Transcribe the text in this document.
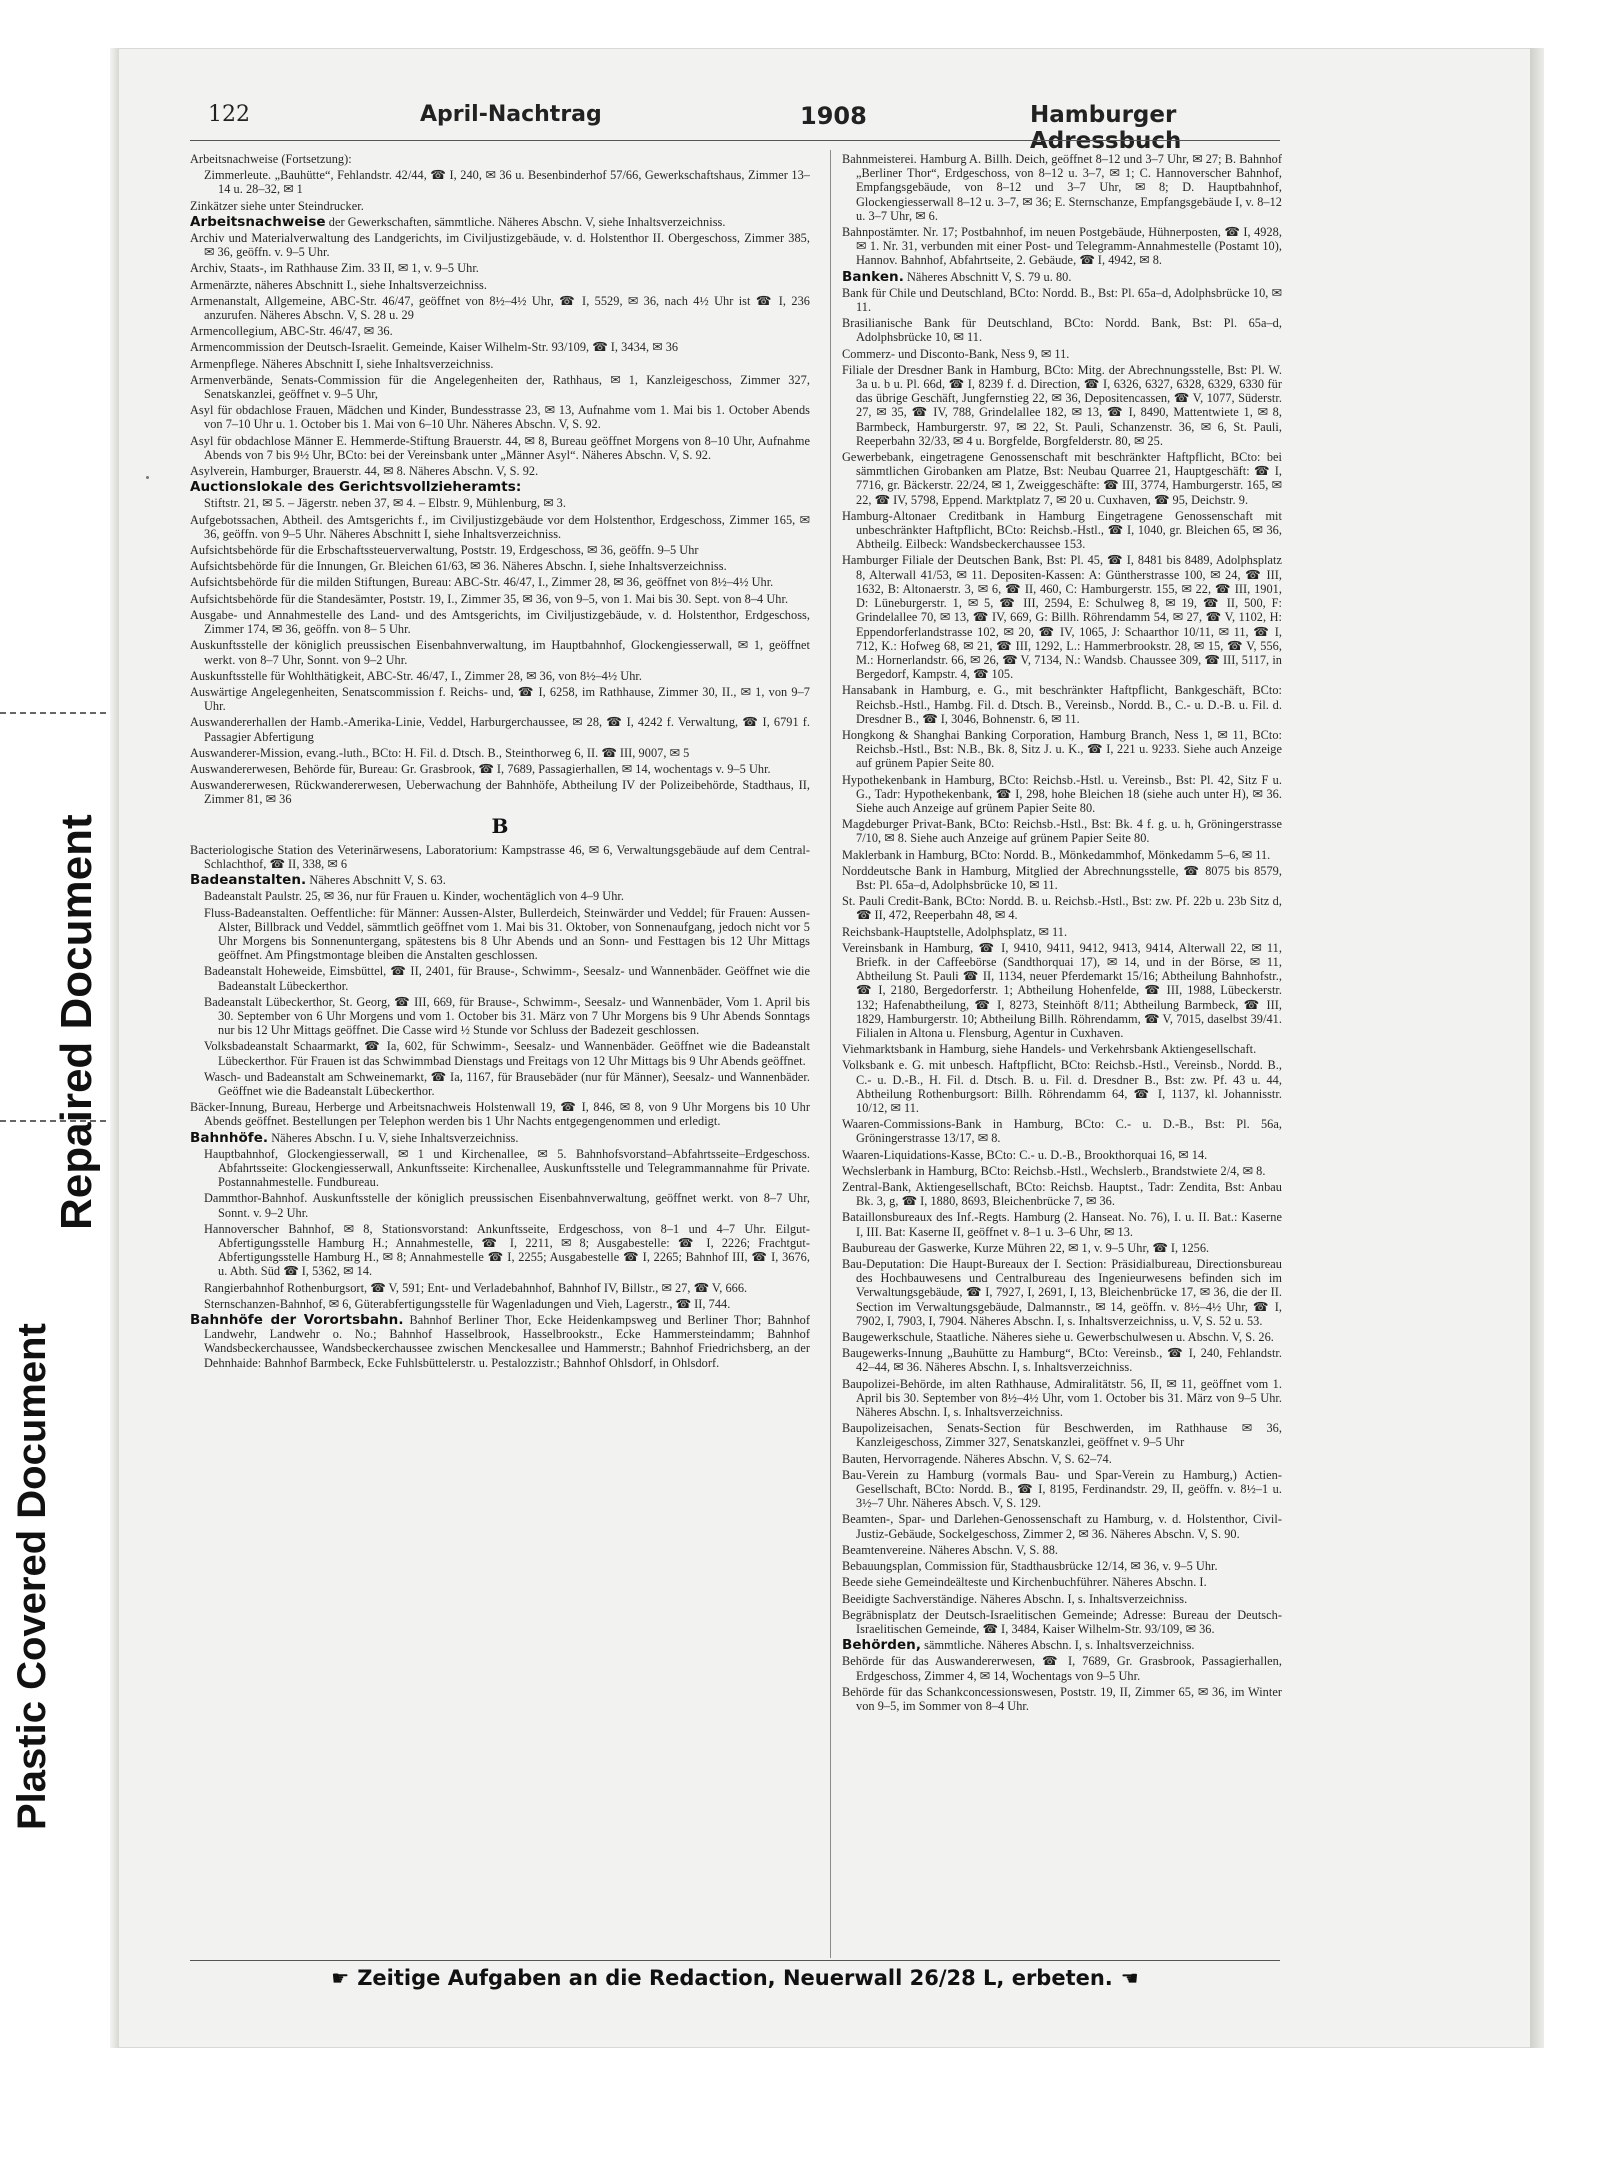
Plastic Covered Document
Repaired Document
122	April-Nachtrag	1908	Hamburger Adressbuch

Arbeitsnachweise (Fortsetzung):

Zimmerleute. „Bauhütte“, Fehlandstr. 42/44, ☎ I, 240, ✉ 36 u. Besenbinderhof 57/66, Gewerkschaftshaus, Zimmer 13–14 u. 28–32, ✉ 1

Zinkätzer siehe unter Steindrucker.

Arbeitsnachweise der Gewerkschaften, sämmtliche. Näheres Abschn. V, siehe Inhaltsverzeichniss.

Archiv und Materialverwaltung des Landgerichts, im Civiljustizgebäude, v. d. Holstenthor II. Obergeschoss, Zimmer 385, ✉ 36, geöffn. v. 9–5 Uhr.

Archiv, Staats-, im Rathhause Zim. 33 II, ✉ 1, v. 9–5 Uhr.

Armenärzte, näheres Abschnitt I., siehe Inhaltsverzeichniss.

Armenanstalt, Allgemeine, ABC-Str. 46/47, geöffnet von 8½–4½ Uhr, ☎ I, 5529, ✉ 36, nach 4½ Uhr ist ☎ I, 236 anzurufen. Näheres Abschn. V, S. 28 u. 29

Armencollegium, ABC-Str. 46/47, ✉ 36.

Armencommission der Deutsch-Israelit. Gemeinde, Kaiser Wilhelm-Str. 93/109, ☎ I, 3434, ✉ 36

Armenpflege. Näheres Abschnitt I, siehe Inhaltsverzeichniss.

Armenverbände, Senats-Commission für die Angelegenheiten der, Rathhaus, ✉ 1, Kanzleigeschoss, Zimmer 327, Senatskanzlei, geöffnet v. 9–5 Uhr,

Asyl für obdachlose Frauen, Mädchen und Kinder, Bundesstrasse 23, ✉ 13, Aufnahme vom 1. Mai bis 1. October Abends von 7–10 Uhr u. 1. October bis 1. Mai von 6–10 Uhr. Näheres Abschn. V, S. 92.

Asyl für obdachlose Männer E. Hemmerde-Stiftung Brauerstr. 44, ✉ 8, Bureau geöffnet Morgens von 8–10 Uhr, Aufnahme Abends von 7 bis 9½ Uhr, BCto: bei der Vereinsbank unter „Männer Asyl“. Näheres Abschn. V, S. 92.

Asylverein, Hamburger, Brauerstr. 44, ✉ 8. Näheres Abschn. V, S. 92.

Auctionslokale des Gerichtsvollzieheramts:

Stiftstr. 21, ✉ 5. – Jägerstr. neben 37, ✉ 4. – Elbstr. 9, Mühlenburg, ✉ 3.

Aufgebotssachen, Abtheil. des Amtsgerichts f., im Civiljustizgebäude vor dem Holstenthor, Erdgeschoss, Zimmer 165, ✉ 36, geöffn. von 9–5 Uhr. Näheres Abschnitt I, siehe Inhaltsverzeichniss.

Aufsichtsbehörde für die Erbschaftssteuerverwaltung, Poststr. 19, Erdgeschoss, ✉ 36, geöffn. 9–5 Uhr

Aufsichtsbehörde für die Innungen, Gr. Bleichen 61/63, ✉ 36. Näheres Abschn. I, siehe Inhaltsverzeichniss.

Aufsichtsbehörde für die milden Stiftungen, Bureau: ABC-Str. 46/47, I., Zimmer 28, ✉ 36, geöffnet von 8½–4½ Uhr.

Aufsichtsbehörde für die Standesämter, Poststr. 19, I., Zimmer 35, ✉ 36, von 9–5, von 1. Mai bis 30. Sept. von 8–4 Uhr.

Ausgabe- und Annahmestelle des Land- und des Amtsgerichts, im Civiljustizgebäude, v. d. Holstenthor, Erdgeschoss, Zimmer 174, ✉ 36, geöffn. von 8– 5 Uhr.

Auskunftsstelle der königlich preussischen Eisenbahnverwaltung, im Hauptbahnhof, Glockengiesserwall, ✉ 1, geöffnet werkt. von 8–7 Uhr, Sonnt. von 9–2 Uhr.

Auskunftsstelle für Wohlthätigkeit, ABC-Str. 46/47, I., Zimmer 28, ✉ 36, von 8½–4½ Uhr.

Auswärtige Angelegenheiten, Senatscommission f. Reichs- und, ☎ I, 6258, im Rathhause, Zimmer 30, II., ✉ 1, von 9–7 Uhr.

Auswandererhallen der Hamb.-Amerika-Linie, Veddel, Harburgerchaussee, ✉ 28, ☎ I, 4242 f. Verwaltung, ☎ I, 6791 f. Passagier Abfertigung

Auswanderer-Mission, evang.-luth., BCto: H. Fil. d. Dtsch. B., Steinthorweg 6, II. ☎ III, 9007, ✉ 5

Auswandererwesen, Behörde für, Bureau: Gr. Grasbrook, ☎ I, 7689, Passagierhallen, ✉ 14, wochentags v. 9–5 Uhr.

Auswandererwesen, Rückwandererwesen, Ueberwachung der Bahnhöfe, Abtheilung IV der Polizeibehörde, Stadthaus, II, Zimmer 81, ✉ 36

B

Bacteriologische Station des Veterinärwesens, Laboratorium: Kampstrasse 46, ✉ 6, Verwaltungsgebäude auf dem Central-Schlachthof, ☎ II, 338, ✉ 6

Badeanstalten. Näheres Abschnitt V, S. 63.

Badeanstalt Paulstr. 25, ✉ 36, nur für Frauen u. Kinder, wochentäglich von 4–9 Uhr.

Fluss-Badeanstalten. Oeffentliche: für Männer: Aussen-Alster, Bullerdeich, Steinwärder und Veddel; für Frauen: Aussen-Alster, Billbrack und Veddel, sämmtlich geöffnet vom 1. Mai bis 31. Oktober, von Sonnenaufgang, jedoch nicht vor 5 Uhr Morgens bis Sonnenuntergang, spätestens bis 8 Uhr Abends und an Sonn- und Festtagen bis 12 Uhr Mittags geöffnet. Am Pfingstmontage bleiben die Anstalten geschlossen.

Badeanstalt Hoheweide, Eimsbüttel, ☎ II, 2401, für Brause-, Schwimm-, Seesalz- und Wannenbäder. Geöffnet wie die Badeanstalt Lübeckerthor.

Badeanstalt Lübeckerthor, St. Georg, ☎ III, 669, für Brause-, Schwimm-, Seesalz- und Wannenbäder, Vom 1. April bis 30. September von 6 Uhr Morgens und vom 1. October bis 31. März von 7 Uhr Morgens bis 9 Uhr Abends Sonntags nur bis 12 Uhr Mittags geöffnet. Die Casse wird ½ Stunde vor Schluss der Badezeit geschlossen.

Volksbadeanstalt Schaarmarkt, ☎ Ia, 602, für Schwimm-, Seesalz- und Wannenbäder. Geöffnet wie die Badeanstalt Lübeckerthor. Für Frauen ist das Schwimmbad Dienstags und Freitags von 12 Uhr Mittags bis 9 Uhr Abends geöffnet.

Wasch- und Badeanstalt am Schweinemarkt, ☎ Ia, 1167, für Brausebäder (nur für Männer), Seesalz- und Wannenbäder. Geöffnet wie die Badeanstalt Lübeckerthor.

Bäcker-Innung, Bureau, Herberge und Arbeitsnachweis Holstenwall 19, ☎ I, 846, ✉ 8, von 9 Uhr Morgens bis 10 Uhr Abends geöffnet. Bestellungen per Telephon werden bis 1 Uhr Nachts entgegengenommen und erledigt.

Bahnhöfe. Näheres Abschn. I u. V, siehe Inhaltsverzeichniss.

Hauptbahnhof, Glockengiesserwall, ✉ 1 und Kirchenallee, ✉ 5. Bahnhofsvorstand–Abfahrtsseite–Erdgeschoss. Abfahrtsseite: Glockengiesserwall, Ankunftsseite: Kirchenallee, Auskunftsstelle und Telegrammannahme für Private. Postannahmestelle. Fundbureau.

Dammthor-Bahnhof. Auskunftsstelle der königlich preussischen Eisenbahnverwaltung, geöffnet werkt. von 8–7 Uhr, Sonnt. v. 9–2 Uhr.

Hannoverscher Bahnhof, ✉ 8, Stationsvorstand: Ankunftsseite, Erdgeschoss, von 8–1 und 4–7 Uhr. Eilgut-Abfertigungsstelle Hamburg H.; Annahmestelle, ☎ I, 2211, ✉ 8; Ausgabestelle: ☎ I, 2226; Frachtgut-Abfertigungsstelle Hamburg H., ✉ 8; Annahmestelle ☎ I, 2255; Ausgabestelle ☎ I, 2265; Bahnhof III, ☎ I, 3676, u. Abth. Süd ☎ I, 5362, ✉ 14.

Rangierbahnhof Rothenburgsort, ☎ V, 591; Ent- und Verladebahnhof, Bahnhof IV, Billstr., ✉ 27, ☎ V, 666.

Sternschanzen-Bahnhof, ✉ 6, Güterabfertigungsstelle für Wagenladungen und Vieh, Lagerstr., ☎ II, 744.

Bahnhöfe der Vorortsbahn. Bahnhof Berliner Thor, Ecke Heidenkampsweg und Berliner Thor; Bahnhof Landwehr, Landwehr o. No.; Bahnhof Hasselbrook, Hasselbrookstr., Ecke Hammersteindamm; Bahnhof Wandsbeckerchaussee, Wandsbeckerchaussee zwischen Menckesallee und Hammerstr.; Bahnhof Friedrichsberg, an der Dehnhaide: Bahnhof Barmbeck, Ecke Fuhlsbüttelerstr. u. Pestalozzistr.; Bahnhof Ohlsdorf, in Ohlsdorf.

Bahnmeisterei. Hamburg A. Billh. Deich, geöffnet 8–12 und 3–7 Uhr, ✉ 27; B. Bahnhof „Berliner Thor“, Erdgeschoss, von 8–12 u. 3–7, ✉ 1; C. Hannoverscher Bahnhof, Empfangsgebäude, von 8–12 und 3–7 Uhr, ✉ 8; D. Hauptbahnhof, Glockengiesserwall 8–12 u. 3–7, ✉ 36; E. Sternschanze, Empfangsgebäude I, v. 8–12 u. 3–7 Uhr, ✉ 6.

Bahnpostämter. Nr. 17; Postbahnhof, im neuen Postgebäude, Hühnerposten, ☎ I, 4928, ✉ 1. Nr. 31, verbunden mit einer Post- und Telegramm-Annahmestelle (Postamt 10), Hannov. Bahnhof, Abfahrtseite, 2. Gebäude, ☎ I, 4942, ✉ 8.

Banken. Näheres Abschnitt V, S. 79 u. 80.

Bank für Chile und Deutschland, BCto: Nordd. B., Bst: Pl. 65a–d, Adolphsbrücke 10, ✉ 11.

Brasilianische Bank für Deutschland, BCto: Nordd. Bank, Bst: Pl. 65a–d, Adolphsbrücke 10, ✉ 11.

Commerz- und Disconto-Bank, Ness 9, ✉ 11.

Filiale der Dresdner Bank in Hamburg, BCto: Mitg. der Abrechnungsstelle, Bst: Pl. W. 3a u. b u. Pl. 66d, ☎ I, 8239 f. d. Direction, ☎ I, 6326, 6327, 6328, 6329, 6330 für das übrige Geschäft, Jungfernstieg 22, ✉ 36, Depositencassen, ☎ V, 1077, Süderstr. 27, ✉ 35, ☎ IV, 788, Grindelallee 182, ✉ 13, ☎ I, 8490, Mattentwiete 1, ✉ 8, Barmbeck, Hamburgerstr. 97, ✉ 22, St. Pauli, Schanzenstr. 36, ✉ 6, St. Pauli, Reeperbahn 32/33, ✉ 4 u. Borgfelde, Borgfelderstr. 80, ✉ 25.

Gewerbebank, eingetragene Genossenschaft mit beschränkter Haftpflicht, BCto: bei sämmtlichen Girobanken am Platze, Bst: Neubau Quarree 21, Hauptgeschäft: ☎ I, 7716, gr. Bäckerstr. 22/24, ✉ 1, Zweiggeschäfte: ☎ III, 3774, Hamburgerstr. 165, ✉ 22, ☎ IV, 5798, Eppend. Marktplatz 7, ✉ 20 u. Cuxhaven, ☎ 95, Deichstr. 9.

Hamburg-Altonaer Creditbank in Hamburg Eingetragene Genossenschaft mit unbeschränkter Haftpflicht, BCto: Reichsb.-Hstl., ☎ I, 1040, gr. Bleichen 65, ✉ 36, Abtheilg. Eilbeck: Wandsbeckerchaussee 153.

Hamburger Filiale der Deutschen Bank, Bst: Pl. 45, ☎ I, 8481 bis 8489, Adolphsplatz 8, Alterwall 41/53, ✉ 11. Depositen-Kassen: A: Güntherstrasse 100, ✉ 24, ☎ III, 1632, B: Altonaerstr. 3, ✉ 6, ☎ II, 460, C: Hamburgerstr. 155, ✉ 22, ☎ III, 1901, D: Lüneburgerstr. 1, ✉ 5, ☎ III, 2594, E: Schulweg 8, ✉ 19, ☎ II, 500, F: Grindelallee 70, ✉ 13, ☎ IV, 669, G: Billh. Röhrendamm 54, ✉ 27, ☎ V, 1102, H: Eppendorferlandstrasse 102, ✉ 20, ☎ IV, 1065, J: Schaarthor 10/11, ✉ 11, ☎ I, 712, K.: Hofweg 68, ✉ 21, ☎ III, 1292, L.: Hammerbrookstr. 28, ✉ 15, ☎ V, 556, M.: Hornerlandstr. 66, ✉ 26, ☎ V, 7134, N.: Wandsb. Chaussee 309, ☎ III, 5117, in Bergedorf, Kampstr. 4, ☎ 105.

Hansabank in Hamburg, e. G., mit beschränkter Haftpflicht, Bankgeschäft, BCto: Reichsb.-Hstl., Hambg. Fil. d. Dtsch. B., Vereinsb., Nordd. B., C.- u. D.-B. u. Fil. d. Dresdner B., ☎ I, 3046, Bohnenstr. 6, ✉ 11.

Hongkong & Shanghai Banking Corporation, Hamburg Branch, Ness 1, ✉ 11, BCto: Reichsb.-Hstl., Bst: N.B., Bk. 8, Sitz J. u. K., ☎ I, 221 u. 9233. Siehe auch Anzeige auf grünem Papier Seite 80.

Hypothekenbank in Hamburg, BCto: Reichsb.-Hstl. u. Vereinsb., Bst: Pl. 42, Sitz F u. G., Tadr: Hypothekenbank, ☎ I, 298, hohe Bleichen 18 (siehe auch unter H), ✉ 36. Siehe auch Anzeige auf grünem Papier Seite 80.

Magdeburger Privat-Bank, BCto: Reichsb.-Hstl., Bst: Bk. 4 f. g. u. h, Gröningerstrasse 7/10, ✉ 8. Siehe auch Anzeige auf grünem Papier Seite 80.

Maklerbank in Hamburg, BCto: Nordd. B., Mönkedammhof, Mönkedamm 5–6, ✉ 11.

Norddeutsche Bank in Hamburg, Mitglied der Abrechnungsstelle, ☎ 8075 bis 8579, Bst: Pl. 65a–d, Adolphsbrücke 10, ✉ 11.

St. Pauli Credit-Bank, BCto: Nordd. B. u. Reichsb.-Hstl., Bst: zw. Pf. 22b u. 23b Sitz d, ☎ II, 472, Reeperbahn 48, ✉ 4.

Reichsbank-Hauptstelle, Adolphsplatz, ✉ 11.

Vereinsbank in Hamburg, ☎ I, 9410, 9411, 9412, 9413, 9414, Alterwall 22, ✉ 11, Briefk. in der Caffeebörse (Sandthorquai 17), ✉ 14, und in der Börse, ✉ 11, Abtheilung St. Pauli ☎ II, 1134, neuer Pferdemarkt 15/16; Abtheilung Bahnhofstr., ☎ I, 2180, Bergedorferstr. 1; Abtheilung Hohenfelde, ☎ III, 1988, Lübeckerstr. 132; Hafenabtheilung, ☎ I, 8273, Steinhöft 8/11; Abtheilung Barmbeck, ☎ III, 1829, Hamburgerstr. 10; Abtheilung Billh. Röhrendamm, ☎ V, 7015, daselbst 39/41. Filialen in Altona u. Flensburg, Agentur in Cuxhaven.

Viehmarktsbank in Hamburg, siehe Handels- und Verkehrsbank Aktiengesellschaft.

Volksbank e. G. mit unbesch. Haftpflicht, BCto: Reichsb.-Hstl., Vereinsb., Nordd. B., C.- u. D.-B., H. Fil. d. Dtsch. B. u. Fil. d. Dresdner B., Bst: zw. Pf. 43 u. 44, Abtheilung Rothenburgsort: Billh. Röhrendamm 64, ☎ I, 1137, kl. Johannisstr. 10/12, ✉ 11.

Waaren-Commissions-Bank in Hamburg, BCto: C.- u. D.-B., Bst: Pl. 56a, Gröningerstrasse 13/17, ✉ 8.

Waaren-Liquidations-Kasse, BCto: C.- u. D.-B., Brookthorquai 16, ✉ 14.

Wechslerbank in Hamburg, BCto: Reichsb.-Hstl., Wechslerb., Brandstwiete 2/4, ✉ 8.

Zentral-Bank, Aktiengesellschaft, BCto: Reichsb. Hauptst., Tadr: Zendita, Bst: Anbau Bk. 3, g, ☎ I, 1880, 8693, Bleichenbrücke 7, ✉ 36.

Bataillonsbureaux des Inf.-Regts. Hamburg (2. Hanseat. No. 76), I. u. II. Bat.: Kaserne I, III. Bat: Kaserne II, geöffnet v. 8–1 u. 3–6 Uhr, ✉ 13.

Baubureau der Gaswerke, Kurze Mühren 22, ✉ 1, v. 9–5 Uhr, ☎ I, 1256.

Bau-Deputation: Die Haupt-Bureaux der I. Section: Präsidialbureau, Directionsbureau des Hochbauwesens und Centralbureau des Ingenieurwesens befinden sich im Verwaltungsgebäude, ☎ I, 7927, I, 2691, I, 13, Bleichenbrücke 17, ✉ 36, die der II. Section im Verwaltungsgebäude, Dalmannstr., ✉ 14, geöffn. v. 8½–4½ Uhr, ☎ I, 7902, I, 7903, I, 7904. Näheres Abschn. I, s. Inhaltsverzeichniss, u. V, S. 52 u. 53.

Baugewerkschule, Staatliche. Näheres siehe u. Gewerbschulwesen u. Abschn. V, S. 26.

Baugewerks-Innung „Bauhütte zu Hamburg“, BCto: Vereinsb., ☎ I, 240, Fehlandstr. 42–44, ✉ 36. Näheres Abschn. I, s. Inhaltsverzeichniss.

Baupolizei-Behörde, im alten Rathhause, Admiralitätstr. 56, II, ✉ 11, geöffnet vom 1. April bis 30. September von 8½–4½ Uhr, vom 1. October bis 31. März von 9–5 Uhr. Näheres Abschn. I, s. Inhaltsverzeichniss.

Baupolizeisachen, Senats-Section für Beschwerden, im Rathhause ✉ 36, Kanzleigeschoss, Zimmer 327, Senatskanzlei, geöffnet v. 9–5 Uhr

Bauten, Hervorragende. Näheres Abschn. V, S. 62–74.

Bau-Verein zu Hamburg (vormals Bau- und Spar-Verein zu Hamburg,) Actien-Gesellschaft, BCto: Nordd. B., ☎ I, 8195, Ferdinandstr. 29, II, geöffn. v. 8½–1 u. 3½–7 Uhr. Näheres Absch. V, S. 129.

Beamten-, Spar- und Darlehen-Genossenschaft zu Hamburg, v. d. Holstenthor, Civil-Justiz-Gebäude, Sockelgeschoss, Zimmer 2, ✉ 36. Näheres Abschn. V, S. 90.

Beamtenvereine. Näheres Abschn. V, S. 88.

Bebauungsplan, Commission für, Stadthausbrücke 12/14, ✉ 36, v. 9–5 Uhr.

Beede siehe Gemeindeälteste und Kirchenbuchführer. Näheres Abschn. I.

Beeidigte Sachverständige. Näheres Abschn. I, s. Inhaltsverzeichniss.

Begräbnisplatz der Deutsch-Israelitischen Gemeinde; Adresse: Bureau der Deutsch-Israelitischen Gemeinde, ☎ I, 3484, Kaiser Wilhelm-Str. 93/109, ✉ 36.

Behörden, sämmtliche. Näheres Abschn. I, s. Inhaltsverzeichniss.

Behörde für das Auswandererwesen, ☎ I, 7689, Gr. Grasbrook, Passagierhallen, Erdgeschoss, Zimmer 4, ✉ 14, Wochentags von 9–5 Uhr.

Behörde für das Schankconcessionswesen, Poststr. 19, II, Zimmer 65, ✉ 36, im Winter von 9–5, im Sommer von 8–4 Uhr.

☛ Zeitige Aufgaben an die Redaction, Neuerwall 26/28 L, erbeten. ☚
